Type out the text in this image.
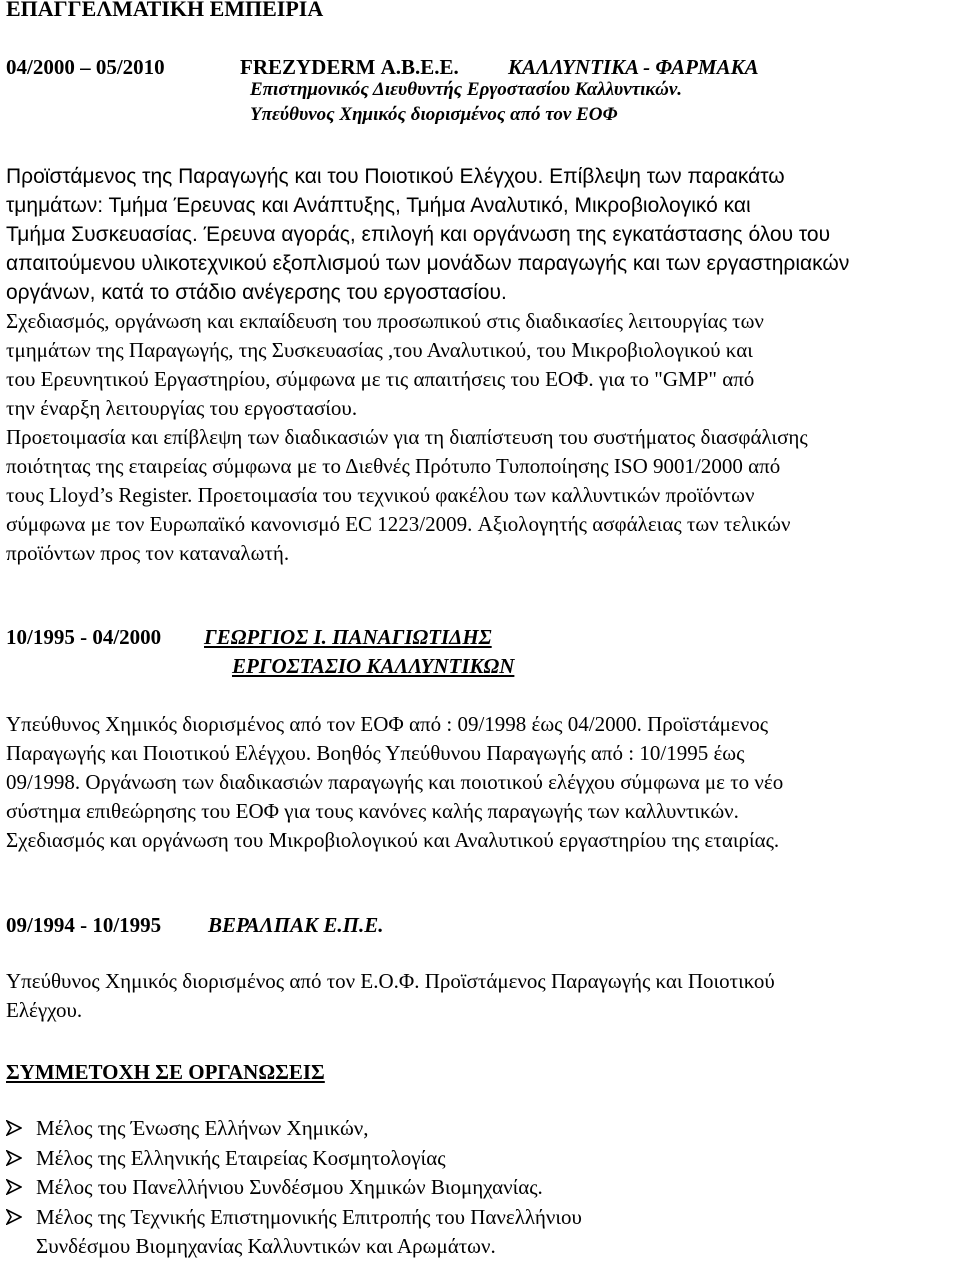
ΕΠΑΓΓΕΛΜΑΤΙΚΗ ΕΜΠΕΙΡΙΑ
04/2000 – 05/2010	FREZYDERM Α.Β.Ε.Ε. ΚΑΛΛΥΝΤΙΚΑ - ΦΑΡΜΑΚΑ
Επιστημονικός Διευθυντής Εργοστασίου Καλλυντικών.
Υπεύθυνος Χημικός διορισμένος από τον ΕΟΦ
Προϊστάμενος της Παραγωγής και του Ποιοτικού Ελέγχου. Επίβλεψη των παρακάτω
τμημάτων: Τμήμα Έρευνας και Ανάπτυξης, Τμήμα Αναλυτικό, Μικροβιολογικό και
Τμήμα Συσκευασίας. Έρευνα αγοράς, επιλογή και οργάνωση της εγκατάστασης όλου του
απαιτούμενου υλικοτεχνικού εξοπλισμού των μονάδων παραγωγής και των εργαστηριακών
οργάνων, κατά το στάδιο ανέγερσης του εργοστασίου.
Σχεδιασμός, οργάνωση και εκπαίδευση του προσωπικού στις διαδικασίες λειτουργίας των
τμημάτων της Παραγωγής, της Συσκευασίας ,του Αναλυτικού, του Μικροβιολογικού και
του Ερευνητικού Εργαστηρίου, σύμφωνα με τις απαιτήσεις του ΕΟΦ. για το "GMP" από
την έναρξη λειτουργίας του εργοστασίου.
Προετοιμασία και επίβλεψη των διαδικασιών για τη διαπίστευση του συστήματος διασφάλισης
ποιότητας της εταιρείας σύμφωνα με το Διεθνές Πρότυπο Τυποποίησης ISO 9001/2000 από
τους Lloyd’s Register. Προετοιμασία του τεχνικού φακέλου των καλλυντικών προϊόντων
σύμφωνα με τον Ευρωπαϊκό κανονισμό EC 1223/2009. Αξιολογητής ασφάλειας των τελικών
προϊόντων προς τον καταναλωτή.
10/1995 - 04/2000 ΓΕΩΡΓΙΟΣ Ι. ΠΑΝΑΓΙΩΤΙΔΗΣ
ΕΡΓΟΣΤΑΣΙΟ ΚΑΛΛΥΝΤΙΚΩΝ
Υπεύθυνος Χημικός διορισμένος από τον ΕΟΦ από : 09/1998 έως 04/2000. Προϊστάμενος
Παραγωγής και Ποιοτικού Ελέγχου. Βοηθός Υπεύθυνου Παραγωγής από : 10/1995 έως
09/1998. Οργάνωση των διαδικασιών παραγωγής και ποιοτικού ελέγχου σύμφωνα με το νέο
σύστημα επιθεώρησης του ΕΟΦ για τους κανόνες καλής παραγωγής των καλλυντικών.
Σχεδιασμός και οργάνωση του Μικροβιολογικού και Αναλυτικού εργαστηρίου της εταιρίας.
09/1994 - 10/1995 ΒΕΡΑΛΠΑΚ Ε.Π.Ε.
Υπεύθυνος Χημικός διορισμένος από τον Ε.Ο.Φ. Προϊστάμενος Παραγωγής και Ποιοτικού
Ελέγχου.
ΣΥΜΜΕΤΟΧΗ ΣΕ ΟΡΓΑΝΩΣΕΙΣ
Μέλος της Ένωσης Ελλήνων Χημικών,
Μέλος της Ελληνικής Εταιρείας Κοσμητολογίας
Μέλος του Πανελλήνιου Συνδέσμου Χημικών Βιομηχανίας.
Μέλος της Τεχνικής Επιστημονικής Επιτροπής του Πανελλήνιου
Συνδέσμου Βιομηχανίας Καλλυντικών και Αρωμάτων.
